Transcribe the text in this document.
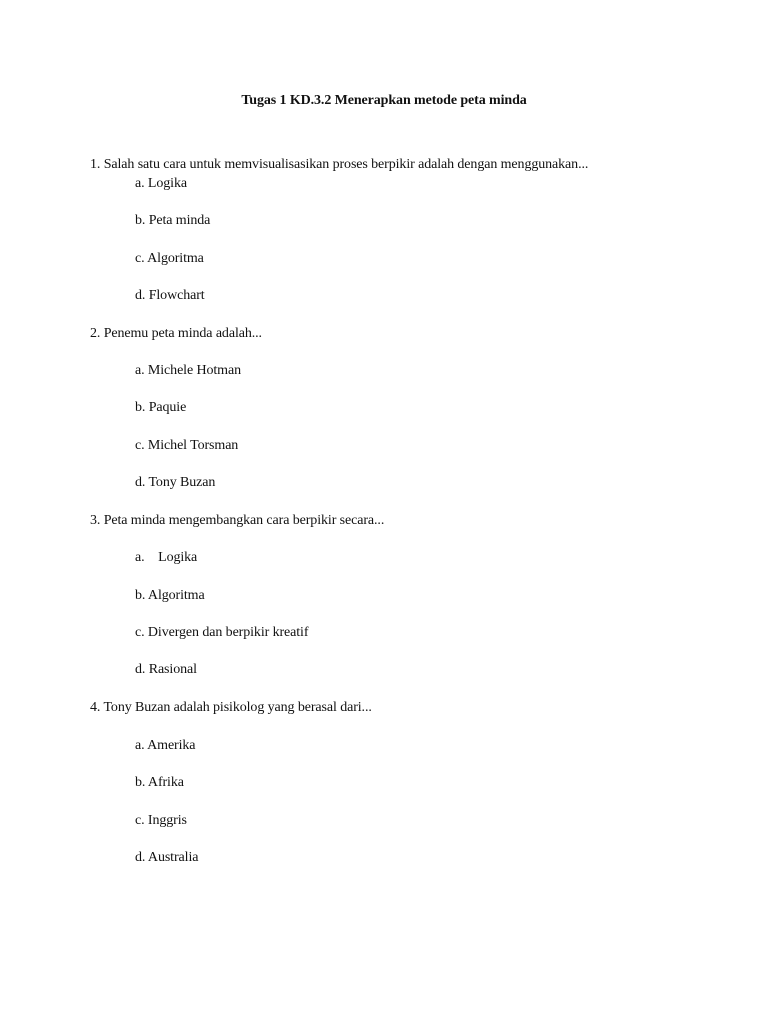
Tugas 1 KD.3.2 Menerapkan metode peta minda
1. Salah satu cara untuk memvisualisasikan proses berpikir adalah dengan menggunakan...
a. Logika
b. Peta minda
c. Algoritma
d. Flowchart
2. Penemu peta minda adalah...
a. Michele Hotman
b. Paquie
c. Michel Torsman
d. Tony Buzan
3. Peta minda mengembangkan cara berpikir secara...
a.    Logika
b. Algoritma
c. Divergen dan berpikir kreatif
d. Rasional
4. Tony Buzan adalah pisikolog yang berasal dari...
a. Amerika
b. Afrika
c. Inggris
d. Australia
